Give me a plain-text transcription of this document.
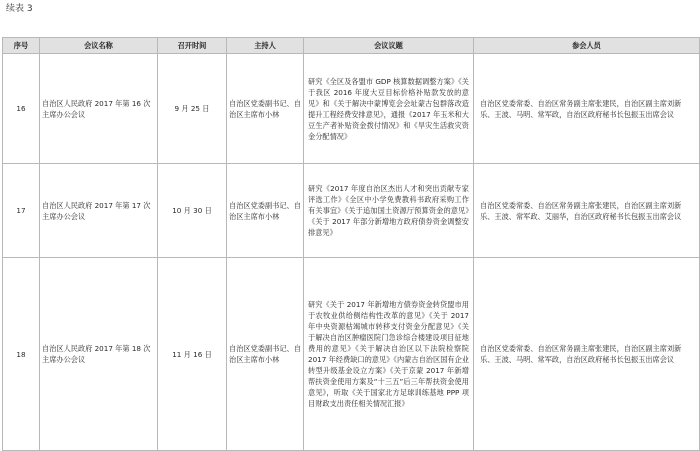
续表 3
序号	会议名称	召开时间	主持人	会议议题	参会人员
16	自治区人民政府 2017 年第 16 次主席办公会议	9 月 25 日	自治区党委副书记、自治区主席布小林	研究《全区及各盟市 GDP 核算数据调整方案》《关于我区 2016 年度大豆目标价格补贴款发放的意见》和《关于解决中蒙博览会会址蒙古包群落改造提升工程经费安排意见》，通报《2017 年玉米和大豆生产者补贴资金拨付情况》和《旱灾生活救灾资金分配情况》	自治区党委常委、自治区常务副主席张建民，自治区副主席刘新乐、王波、马明、常军政，自治区政府秘书长包振玉出席会议
17	自治区人民政府 2017 年第 17 次主席办公会议	10 月 30 日	自治区党委副书记、自治区主席布小林	研究《2017 年度自治区杰出人才和突出贡献专家评选工作》《全区中小学免费教科书政府采购工作有关事宜》《关于追加国土资源厅预算资金的意见》《关于 2017 年部分新增地方政府债券资金调整安排意见》	自治区党委常委、自治区常务副主席张建民，自治区副主席刘新乐、王波、常军政、艾丽华，自治区政府秘书长包振玉出席会议
18	自治区人民政府 2017 年第 18 次主席办公会议	11 月 16 日	自治区党委副书记、自治区主席布小林	研究《关于 2017 年新增地方债券资金转贷盟市用于农牧业供给侧结构性改革的意见》《关于 2017 年中央资源枯竭城市转移支付资金分配意见》《关于解决自治区肿瘤医院门急诊综合楼建设项目征地费用的意见》《关于解决自治区以下法院检察院 2017 年经费缺口的意见》《内蒙古自治区国有企业转型升级基金设立方案》《关于京蒙 2017 年新增帮扶资金使用方案及“十三五”后三年帮扶资金使用意见》，听取《关于国家北方足球训练基地 PPP 项目财政支出责任相关情况汇报》	自治区党委常委、自治区常务副主席张建民，自治区副主席刘新乐、王波、马明、常军政，自治区政府秘书长包振玉出席会议
